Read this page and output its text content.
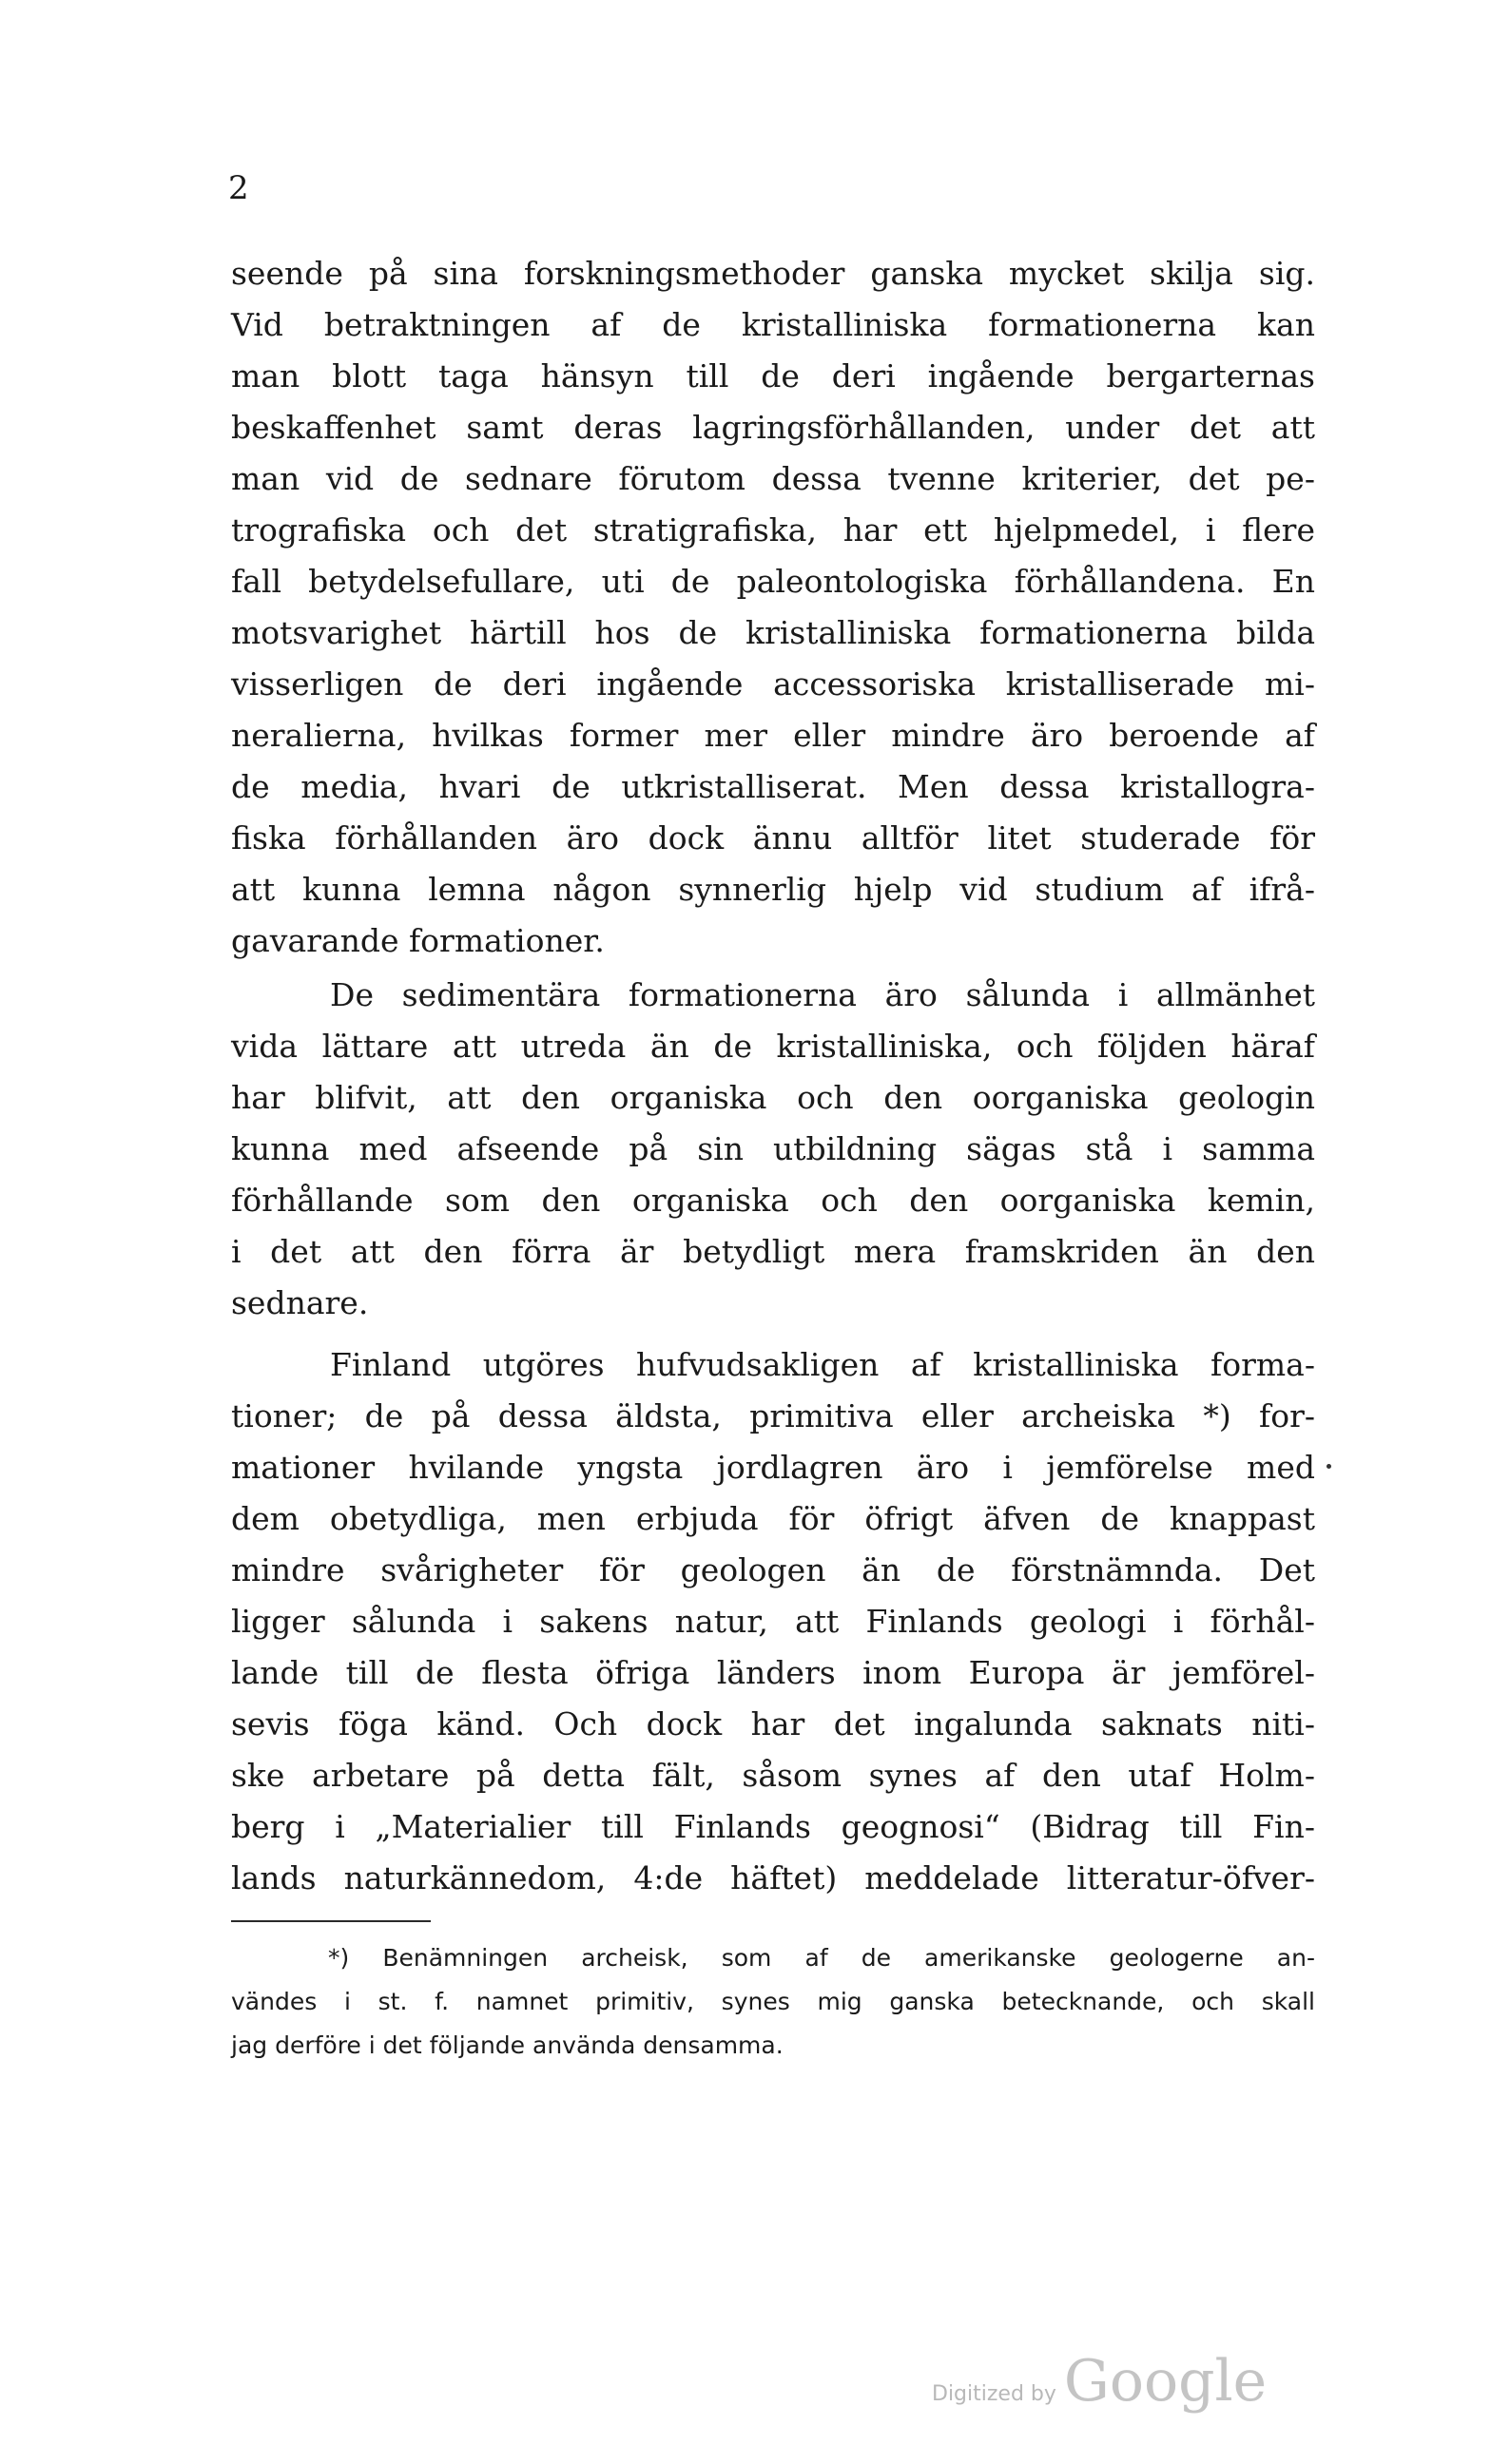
2
seende på sina forskningsmethoder ganska mycket skilja sig.
Vid betraktningen af de kristalliniska formationerna kan
man blott taga hänsyn till de deri ingående bergarternas
beskaffenhet samt deras lagringsförhållanden, under det att
man vid de sednare förutom dessa tvenne kriterier, det pe-
trografiska och det stratigrafiska, har ett hjelpmedel, i flere
fall betydelsefullare, uti de paleontologiska förhållandena. En
motsvarighet härtill hos de kristalliniska formationerna bilda
visserligen de deri ingående accessoriska kristalliserade mi-
neralierna, hvilkas former mer eller mindre äro beroende af
de media, hvari de utkristalliserat. Men dessa kristallogra-
fiska förhållanden äro dock ännu alltför litet studerade för
att kunna lemna någon synnerlig hjelp vid studium af ifrå-
gavarande formationer.
De sedimentära formationerna äro sålunda i allmänhet
vida lättare att utreda än de kristalliniska, och följden häraf
har blifvit, att den organiska och den oorganiska geologin
kunna med afseende på sin utbildning sägas stå i samma
förhållande som den organiska och den oorganiska kemin,
i det att den förra är betydligt mera framskriden än den
sednare.
Finland utgöres hufvudsakligen af kristalliniska forma-
tioner; de på dessa äldsta, primitiva eller archeiska *) for-
mationer hvilande yngsta jordlagren äro i jemförelse med
dem obetydliga, men erbjuda för öfrigt äfven de knappast
mindre svårigheter för geologen än de förstnämnda. Det
ligger sålunda i sakens natur, att Finlands geologi i förhål-
lande till de flesta öfriga länders inom Europa är jemförel-
sevis föga känd. Och dock har det ingalunda saknats niti-
ske arbetare på detta fält, såsom synes af den utaf Holm-
berg i „Materialier till Finlands geognosi“ (Bidrag till Fin-
lands naturkännedom, 4:de häftet) meddelade litteratur-öfver-
*) Benämningen archeisk, som af de amerikanske geologerne an-
vändes i st. f. namnet primitiv, synes mig ganska betecknande, och skall
jag derföre i det följande använda densamma.
Digitized by Google
